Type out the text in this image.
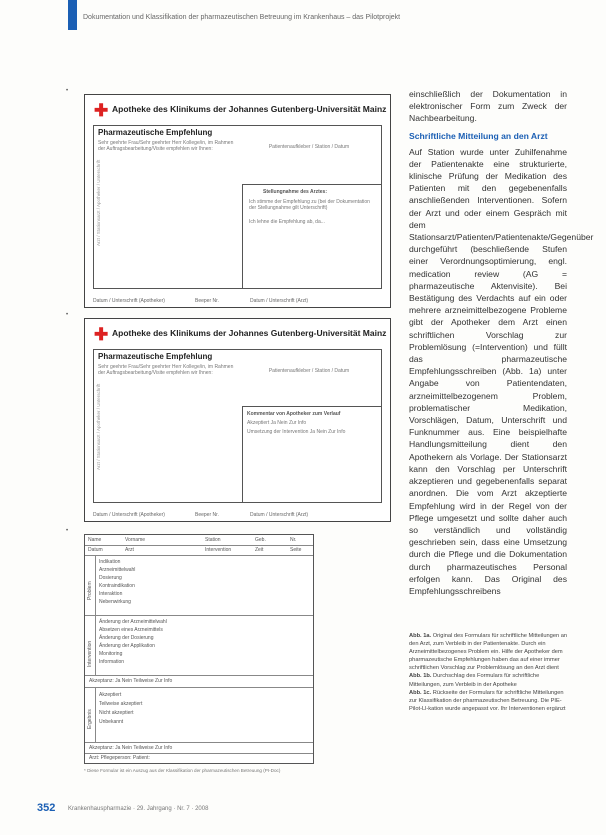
Dokumentation und Klassifikation der pharmazeutischen Betreuung im Krankenhaus – das Pilotprojekt
✚ Apotheke des Klinikums der Johannes Gutenberg-Universität Mainz
Pharmazeutische Empfehlung
Sehr geehrte Frau/Sehr geehrter Herr Kollege/in, im Rahmen der Auftragsbearbeitung/Visite empfehlen wir Ihnen:	Patientenaufkleber / Station / Datum
Arzt / Stationsarzt / Apotheker / Unterschrift	Stellungnahme des Arztes:
Ich stimme der Empfehlung zu (bei der Dokumentation der Stellungnahme gilt Unterschrift)
Ich lehne die Empfehlung ab, da...
Datum / Unterschrift (Apotheker)	Beeper Nr.	Datum / Unterschrift (Arzt)
✚ Apotheke des Klinikums der Johannes Gutenberg-Universität Mainz
Pharmazeutische Empfehlung
Sehr geehrte Frau/Sehr geehrter Herr Kollege/in, im Rahmen der Auftragsbearbeitung/Visite empfehlen wir Ihnen:	Patientenaufkleber / Station / Datum
Arzt / Stationsarzt / Apotheker / Unterschrift	Kommentar von Apotheker zum Verlauf
Akzeptiert Ja Nein Zur Info
Umsetzung der Intervention Ja Nein Zur Info
Datum / Unterschrift (Apotheker)	Beeper Nr.	Datum / Unterschrift (Arzt)
Name	Vorname	Station	Geb.	Nr.
Datum	Arzt	Intervention	Zeit	Seite
Problem
Indikation
Arzneimittelwahl
Dosierung
Kontraindikation
Interaktion
Nebenwirkung
Intervention
Änderung der Arzneimittelwahl
Absetzen eines Arzneimittels
Änderung der Dosierung
Änderung der Applikation
Monitoring
Information
Akzeptanz: Ja Nein Teilweise Zur Info
Ergebnis
Akzeptiert
Teilweise akzeptiert
Nicht akzeptiert
Unbekannt
Akzeptanz: Ja Nein Teilweise Zur Info
Arzt: Pflegeperson: Patient:
•
•
•
* Diese Formular ist ein Auszug aus der Klassifikation der pharmazeutischen Betreuung (PI-Doc)
einschließlich der Dokumentation in elektronischer Form zum Zweck der Nachbearbeitung.
Schriftliche Mitteilung an den Arzt
Auf Station wurde unter Zuhilfenahme der Patientenakte eine strukturierte, klinische Prüfung der Medikation des Patienten mit den gegebenenfalls anschließenden Interventionen. Sofern der Arzt und oder einem Gespräch mit dem Stationsarzt/Patienten/Patientenakte/Gegenüber durchgeführt (beschließende Stufen einer Verordnungsoptimierung, engl. medication review (AG = pharmazeutische Aktenvisite). Bei Bestätigung des Verdachts auf ein oder mehrere arzneimittelbezogene Probleme gibt der Apotheker dem Arzt einen schriftlichen Vorschlag zur Problemlösung (=Intervention) und füllt das pharmazeutische Empfehlungsschreiben (Abb. 1a) unter Angabe von Patientendaten, arzneimittelbezogenem Problem, problematischer Medikation, Vorschlägen, Datum, Unterschrift und Funknummer aus. Eine beispielhafte Handlungsmitteilung dient den Apothekern als Vorlage. Der Stationsarzt kann den Vorschlag per Unterschrift akzeptieren und gegebenenfalls separat anordnen. Die vom Arzt akzeptierte Empfehlung wird in der Regel von der Pflege umgesetzt und sollte daher auch so verständlich und vollständig geschrieben sein, dass eine Umsetzung durch die Pflege und die Dokumentation durch pharmazeutisches Personal erfolgen kann. Das Original des Empfehlungsschreibens
Abb. 1a. Original des Formulars für schriftliche Mitteilungen an den Arzt, zum Verbleib in der Patientenakte. Durch ein Arzneimittelbezogenes Problem ein. Hilfe der Apotheker dem pharmazeutische Empfehlungen haben das auf einer immer schriftlichen Vorschlag zur Problemlösung an den Arzt dient
Abb. 1b. Durchschlag des Formulars für schriftliche Mitteilungen, zum Verbleib in der Apotheke
Abb. 1c. Rückseite der Formulars für schriftliche Mitteilungen zur Klassifikation der pharmazeutischen Betreuung. Die PIE-Pilot-Ll-kation wurde angepasst vor. Ihr Interventionen ergänzt
352 Krankenhauspharmazie · 29. Jahrgang · Nr. 7 · 2008
